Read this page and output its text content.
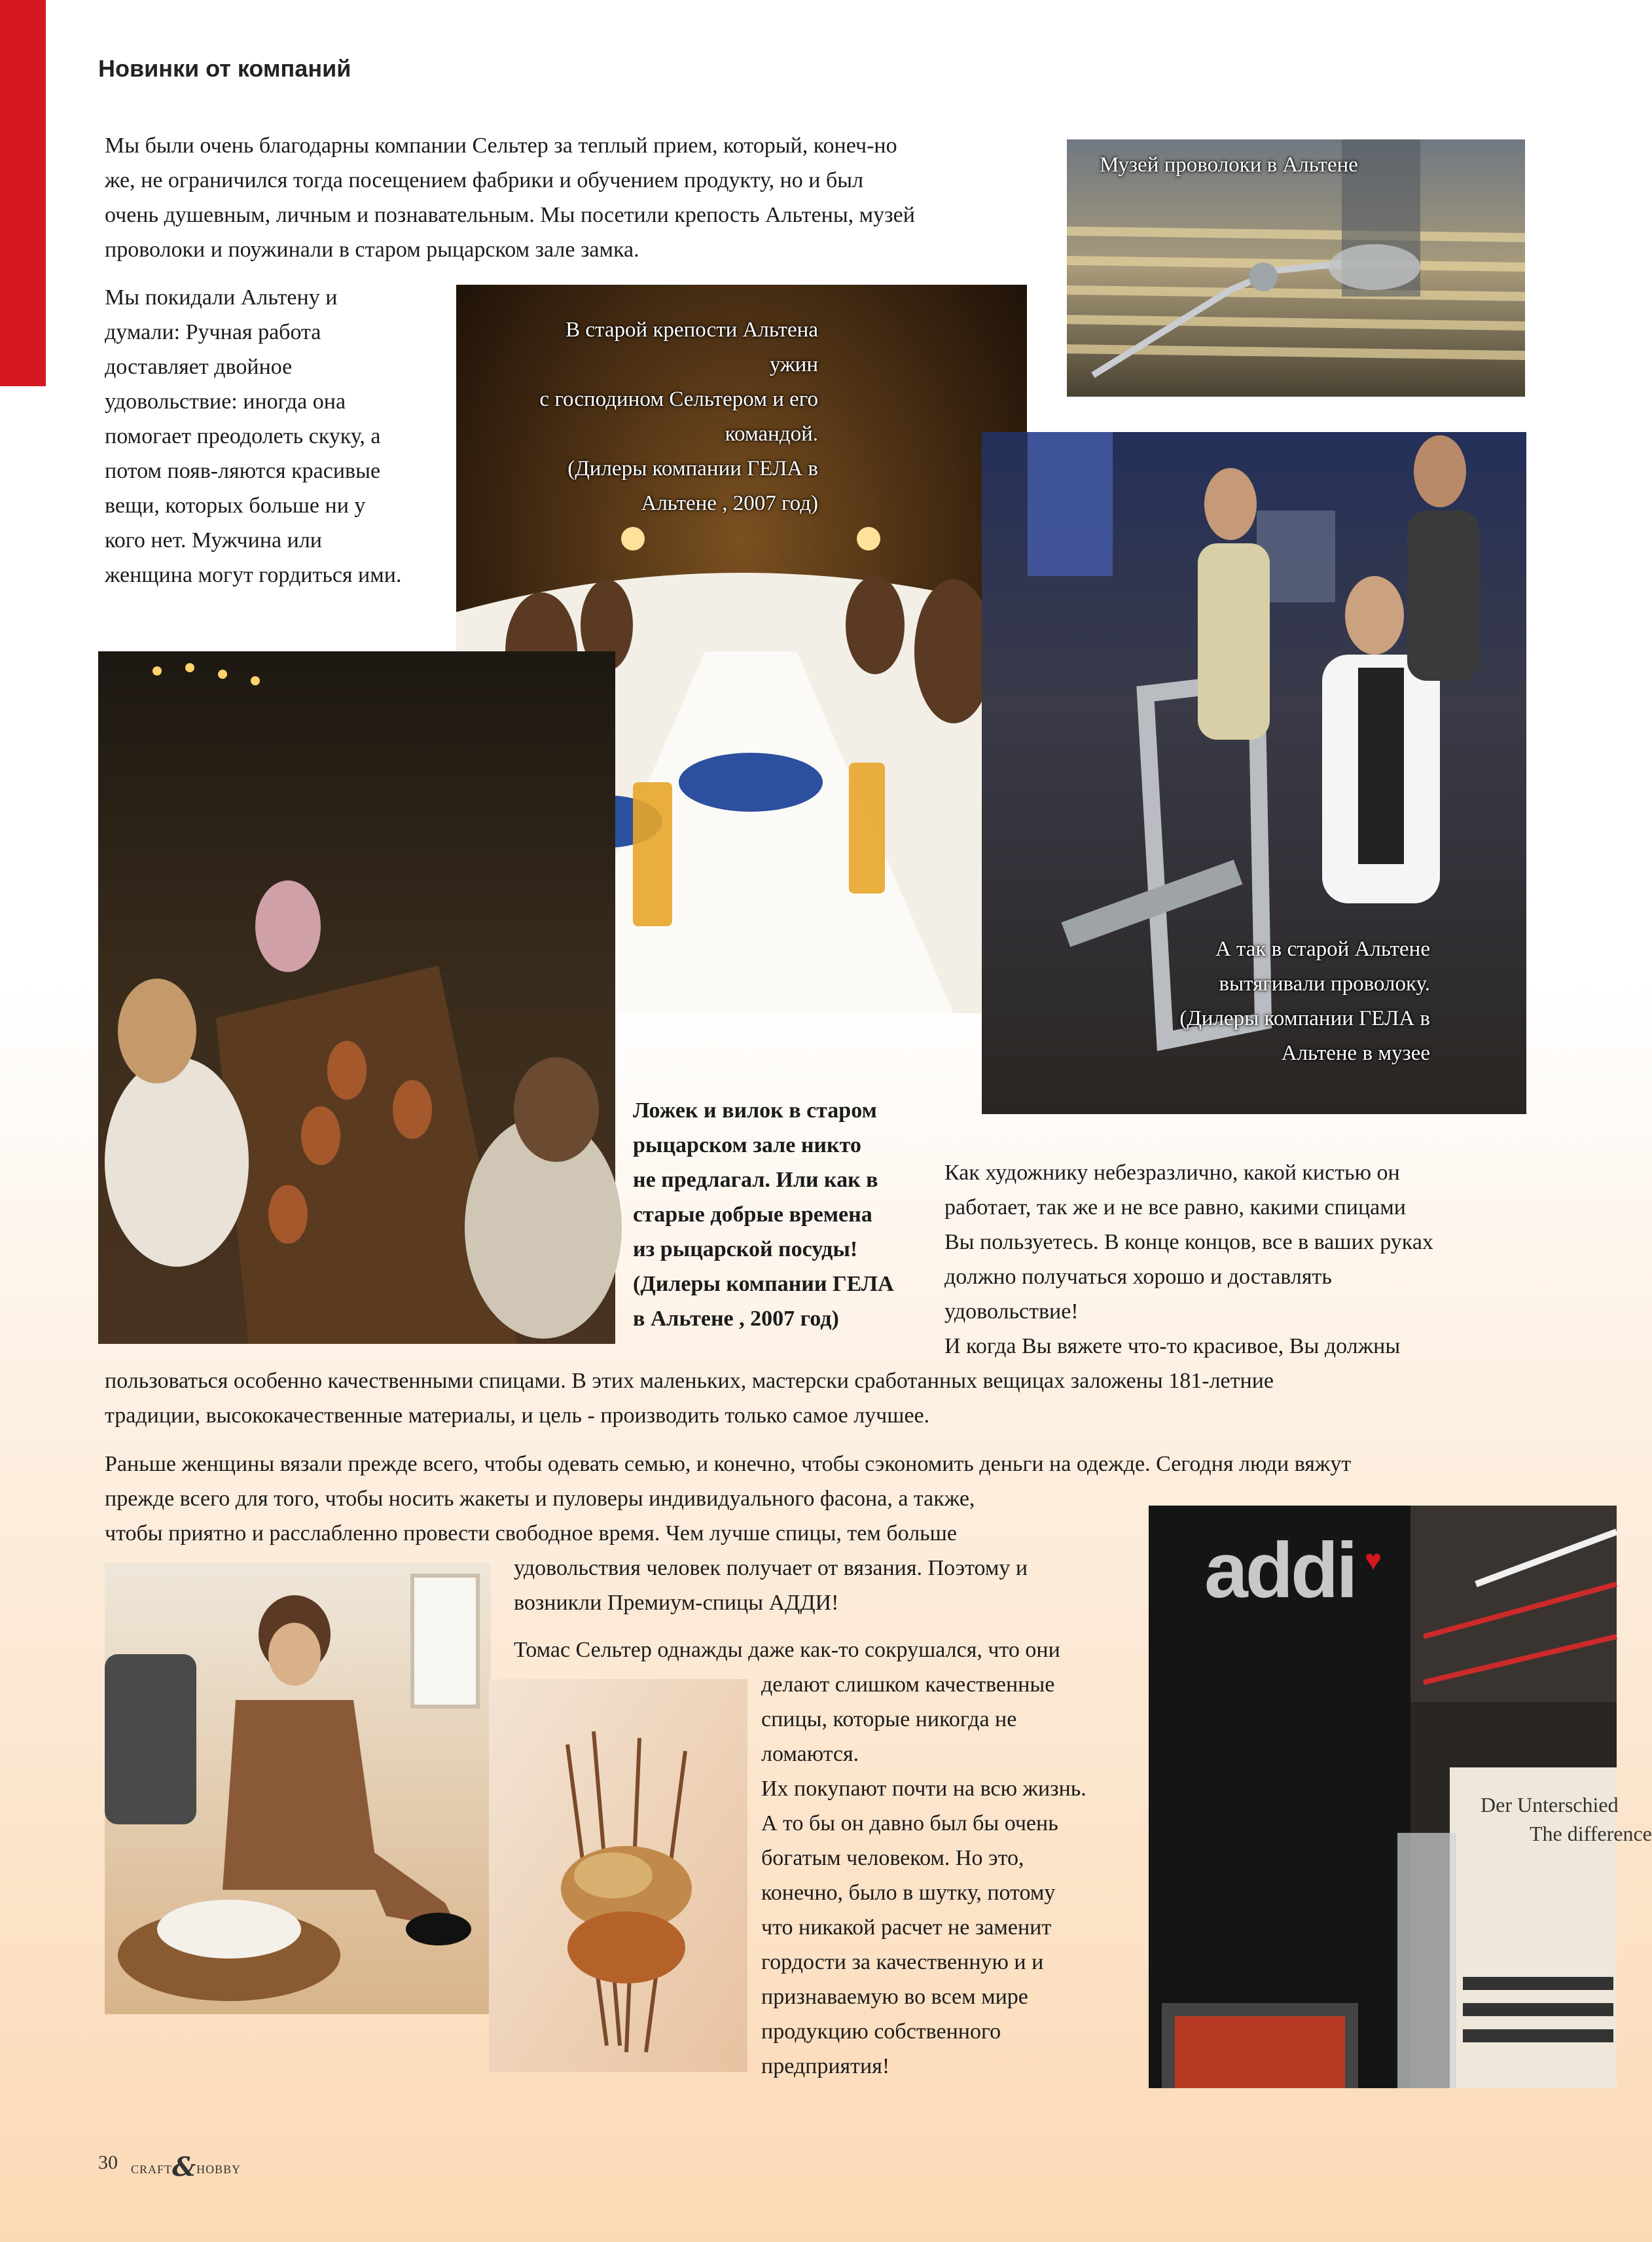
Новинки от компаний

Мы были очень благодарны компании Сельтер за теплый прием, который, конеч-но

же, не ограничился тогда посещением фабрики и обучением продукту, но и был

очень душевным, личным и познавательным. Мы посетили крепость Альтены, музей

проволоки и поужинали в старом рыцарском зале замка.

Мы покидали Альтену и

думали: Ручная работа

доставляет двойное

удовольствие: иногда она

помогает преодолеть скуку, а

потом появ-ляются красивые

вещи, которых больше ни у

кого нет. Мужчина или

женщина могут гордиться ими.

Музей проволоки в Альтене

В старой крепости Альтена

ужин

с господином Сельтером и его

командой.

(Дилеры компании ГЕЛА в

Альтене , 2007 год)

А так в старой Альтене

вытягивали проволоку.

(Дилеры компании ГЕЛА в

Альтене в музее

Ложек и вилок в старом

рыцарском зале никто

не предлагал. Или как в

старые добрые времена

из рыцарской посуды!

(Дилеры компании ГЕЛА

в Альтене , 2007 год)

Как художнику небезразлично, какой кистью он

работает, так же и не все равно, какими спицами

Вы пользуетесь. В конце концов, все в ваших руках

должно получаться хорошо и доставлять

удовольствие!

И когда Вы вяжете что-то красивое, Вы должны

пользоваться особенно качественными спицами. В этих маленьких, мастерски сработанных вещицах заложены 181-летние

традиции, высококачественные материалы, и цель - производить только самое лучшее.

Раньше женщины вязали прежде всего, чтобы одевать семью, и конечно, чтобы сэкономить деньги на одежде. Сегодня люди вяжут

прежде всего для того, чтобы носить жакеты и пуловеры индивидуального фасона, а также,

чтобы приятно и расслабленно провести свободное время. Чем лучше спицы, тем больше

удовольствия человек получает от вязания. Поэтому и

возникли Премиум-спицы АДДИ!

Томас Сельтер однажды даже как-то сокрушался, что они

делают слишком качественные

спицы, которые никогда не

ломаются.

Их покупают почти на всю жизнь.

А то бы он давно был бы очень

богатым человеком. Но это,

конечно, было в шутку, потому

что никакой расчет не заменит

гордости за качественную и и

признаваемую во всем мире

продукцию собственного

предприятия!

addi ♥
Der Unterschied
The difference
30 craft&hobby
